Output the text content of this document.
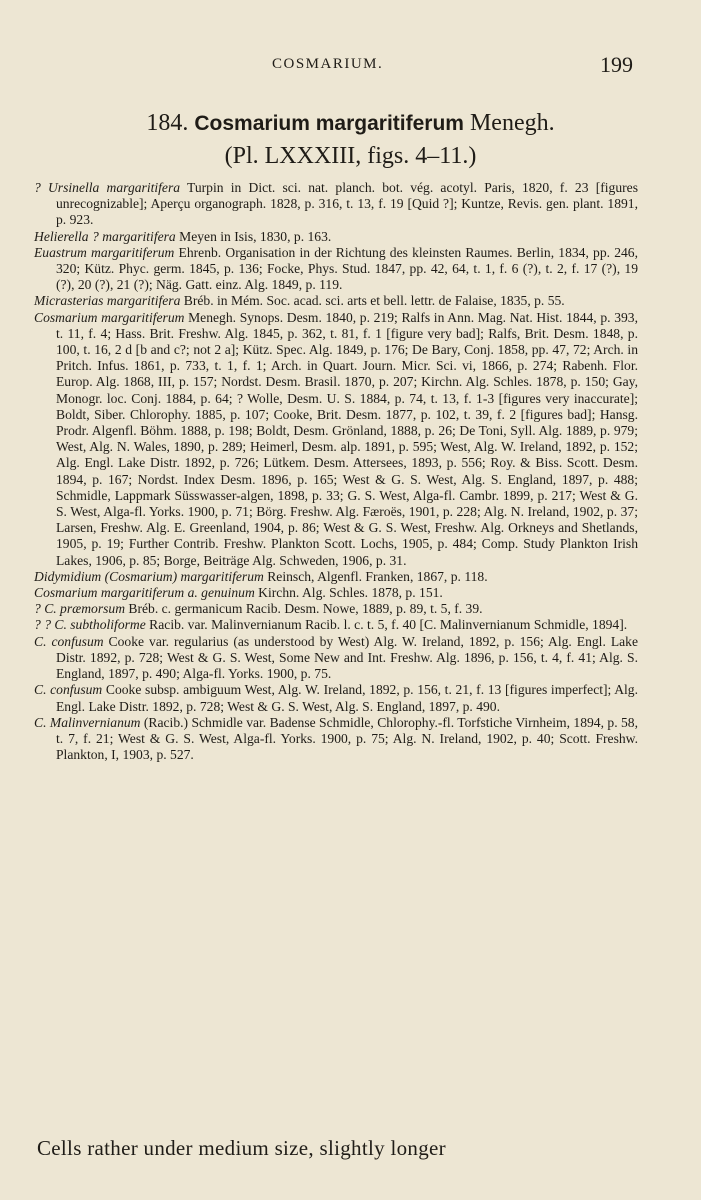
COSMARIUM.	199
184. Cosmarium margaritiferum Menegh.
(Pl. LXXXIII, figs. 4–11.)

? Ursinella margaritifera Turpin in Dict. sci. nat. planch. bot. vég. acotyl. Paris, 1820, f. 23 [figures unrecognizable]; Aperçu organograph. 1828, p. 316, t. 13, f. 19 [Quid ?]; Kuntze, Revis. gen. plant. 1891, p. 923.

Helierella ? margaritifera Meyen in Isis, 1830, p. 163.

Euastrum margaritiferum Ehrenb. Organisation in der Richtung des kleinsten Raumes. Berlin, 1834, pp. 246, 320; Kütz. Phyc. germ. 1845, p. 136; Focke, Phys. Stud. 1847, pp. 42, 64, t. 1, f. 6 (?), t. 2, f. 17 (?), 19 (?), 20 (?), 21 (?); Näg. Gatt. einz. Alg. 1849, p. 119.

Micrasterias margaritifera Bréb. in Mém. Soc. acad. sci. arts et bell. lettr. de Falaise, 1835, p. 55.

Cosmarium margaritiferum Menegh. Synops. Desm. 1840, p. 219; Ralfs in Ann. Mag. Nat. Hist. 1844, p. 393, t. 11, f. 4; Hass. Brit. Freshw. Alg. 1845, p. 362, t. 81, f. 1 [figure very bad]; Ralfs, Brit. Desm. 1848, p. 100, t. 16, 2 d [b and c?; not 2 a]; Kütz. Spec. Alg. 1849, p. 176; De Bary, Conj. 1858, pp. 47, 72; Arch. in Pritch. Infus. 1861, p. 733, t. 1, f. 1; Arch. in Quart. Journ. Micr. Sci. vi, 1866, p. 274; Rabenh. Flor. Europ. Alg. 1868, III, p. 157; Nordst. Desm. Brasil. 1870, p. 207; Kirchn. Alg. Schles. 1878, p. 150; Gay, Monogr. loc. Conj. 1884, p. 64; ? Wolle, Desm. U. S. 1884, p. 74, t. 13, f. 1-3 [figures very inaccurate]; Boldt, Siber. Chlorophy. 1885, p. 107; Cooke, Brit. Desm. 1877, p. 102, t. 39, f. 2 [figures bad]; Hansg. Prodr. Algenfl. Böhm. 1888, p. 198; Boldt, Desm. Grönland, 1888, p. 26; De Toni, Syll. Alg. 1889, p. 979; West, Alg. N. Wales, 1890, p. 289; Heimerl, Desm. alp. 1891, p. 595; West, Alg. W. Ireland, 1892, p. 152; Alg. Engl. Lake Distr. 1892, p. 726; Lütkem. Desm. Attersees, 1893, p. 556; Roy. & Biss. Scott. Desm. 1894, p. 167; Nordst. Index Desm. 1896, p. 165; West & G. S. West, Alg. S. England, 1897, p. 488; Schmidle, Lappmark Süsswasser-algen, 1898, p. 33; G. S. West, Alga-fl. Cambr. 1899, p. 217; West & G. S. West, Alga-fl. Yorks. 1900, p. 71; Börg. Freshw. Alg. Færoës, 1901, p. 228; Alg. N. Ireland, 1902, p. 37; Larsen, Freshw. Alg. E. Greenland, 1904, p. 86; West & G. S. West, Freshw. Alg. Orkneys and Shetlands, 1905, p. 19; Further Contrib. Freshw. Plankton Scott. Lochs, 1905, p. 484; Comp. Study Plankton Irish Lakes, 1906, p. 85; Borge, Beiträge Alg. Schweden, 1906, p. 31.

Didymidium (Cosmarium) margaritiferum Reinsch, Algenfl. Franken, 1867, p. 118.

Cosmarium margaritiferum a. genuinum Kirchn. Alg. Schles. 1878, p. 151.

? C. præmorsum Bréb. c. germanicum Racib. Desm. Nowe, 1889, p. 89, t. 5, f. 39.

? ? C. subtholiforme Racib. var. Malinvernianum Racib. l. c. t. 5, f. 40 [C. Malinvernianum Schmidle, 1894].

C. confusum Cooke var. regularius (as understood by West) Alg. W. Ireland, 1892, p. 156; Alg. Engl. Lake Distr. 1892, p. 728; West & G. S. West, Some New and Int. Freshw. Alg. 1896, p. 156, t. 4, f. 41; Alg. S. England, 1897, p. 490; Alga-fl. Yorks. 1900, p. 75.

C. confusum Cooke subsp. ambiguum West, Alg. W. Ireland, 1892, p. 156, t. 21, f. 13 [figures imperfect]; Alg. Engl. Lake Distr. 1892, p. 728; West & G. S. West, Alg. S. England, 1897, p. 490.

C. Malinvernianum (Racib.) Schmidle var. Badense Schmidle, Chlorophy.-fl. Torfstiche Virnheim, 1894, p. 58, t. 7, f. 21; West & G. S. West, Alga-fl. Yorks. 1900, p. 75; Alg. N. Ireland, 1902, p. 40; Scott. Freshw. Plankton, I, 1903, p. 527.

Cells rather under medium size, slightly longer
